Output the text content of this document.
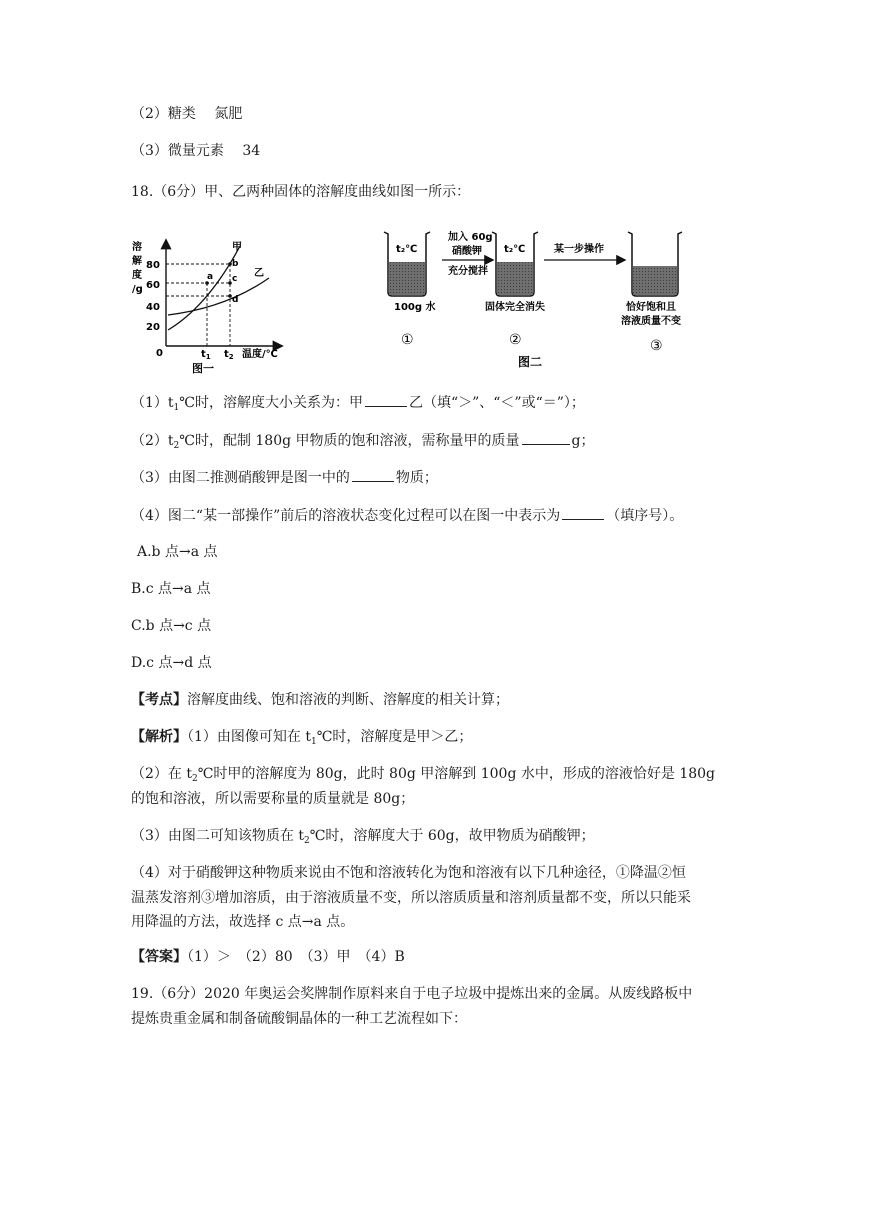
（2）糖类　 氮肥
（3）微量元素　 34
18.（6分）甲、乙两种固体的溶解度曲线如图一所示：
溶
解
度
/g
20
40
60
80
0
甲
乙
a
b
c
d
$t_1$ $t_2$ 温度/℃
图一
t₂℃
100g 水
①
加入 60g
硝酸钾
充分搅拌
t₂℃
固体完全消失
②
某一步操作
恰好饱和且
溶液质量不变
③
图二
$(1)t_1℃$时，溶解度大小关系为：甲	乙（填“＞”、“＜”或“＝”）；
$(2)t_2℃$时，配制 180g 甲物质的饱和溶液，需称量甲的质量	g；
（3）由图二推测硝酸钾是图一中的	物质；
（4）图二“某一部操作”前后的溶液状态变化过程可以在图一中表示为	（填序号）。
A.b 点→a 点
B.c 点→a 点
C.b 点→c 点
D.c 点→d 点
【考点】溶解度曲线、饱和溶液的判断、溶解度的相关计算；
【解析】（1）由图像可知在 $t_1℃$时，溶解度是甲＞乙；
（2）在 $t_2℃$时甲的溶解度为 80g，此时 80g 甲溶解到 100g 水中，形成的溶液恰好是 180g
的饱和溶液，所以需要称量的质量就是 80g；
（3）由图二可知该物质在 $t_2℃$时，溶解度大于 60g，故甲物质为硝酸钾；
（4）对于硝酸钾这种物质来说由不饱和溶液转化为饱和溶液有以下几种途径，①降温②恒
温蒸发溶剂③增加溶质，由于溶液质量不变，所以溶质质量和溶剂质量都不变，所以只能采
用降温的方法，故选择 c 点→a 点。
【答案】（1）＞　（2）80　（3）甲　（4）B
19.（6分）2020 年奥运会奖牌制作原料来自于电子垃圾中提炼出来的金属。从废线路板中
提炼贵重金属和制备硫酸铜晶体的一种工艺流程如下：
